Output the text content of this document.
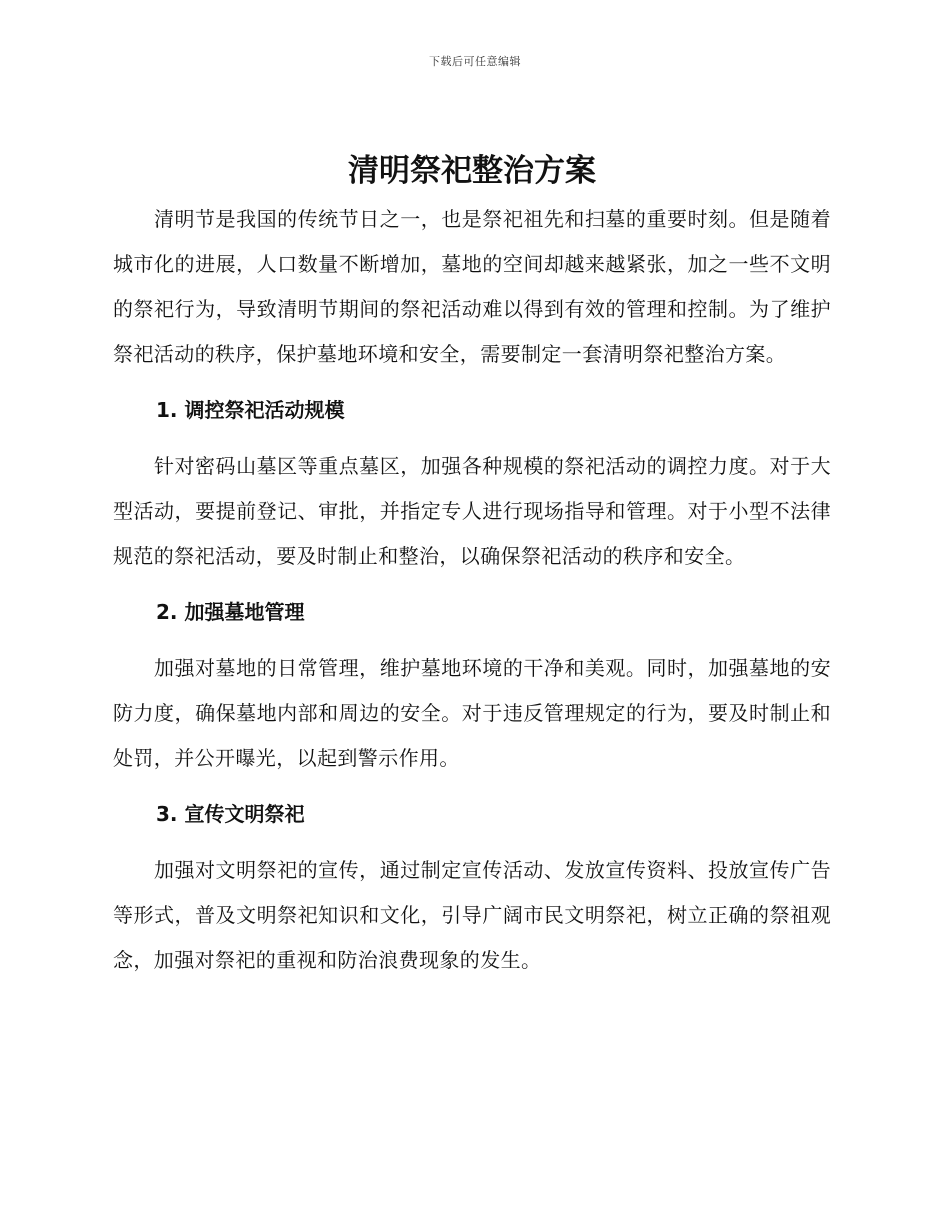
下载后可任意编辑
清明祭祀整治方案

清明节是我国的传统节日之一，也是祭祀祖先和扫墓的重要时刻。但是随着城市化的进展，人口数量不断增加，墓地的空间却越来越紧张，加之一些不文明的祭祀行为，导致清明节期间的祭祀活动难以得到有效的管理和控制。为了维护祭祀活动的秩序，保护墓地环境和安全，需要制定一套清明祭祀整治方案。

1. 调控祭祀活动规模

针对密码山墓区等重点墓区，加强各种规模的祭祀活动的调控力度。对于大型活动，要提前登记、审批，并指定专人进行现场指导和管理。对于小型不法律规范的祭祀活动，要及时制止和整治，以确保祭祀活动的秩序和安全。

2. 加强墓地管理

加强对墓地的日常管理，维护墓地环境的干净和美观。同时，加强墓地的安防力度，确保墓地内部和周边的安全。对于违反管理规定的行为，要及时制止和处罚，并公开曝光，以起到警示作用。

3. 宣传文明祭祀

加强对文明祭祀的宣传，通过制定宣传活动、发放宣传资料、投放宣传广告等形式，普及文明祭祀知识和文化，引导广阔市民文明祭祀，树立正确的祭祖观念，加强对祭祀的重视和防治浪费现象的发生。
